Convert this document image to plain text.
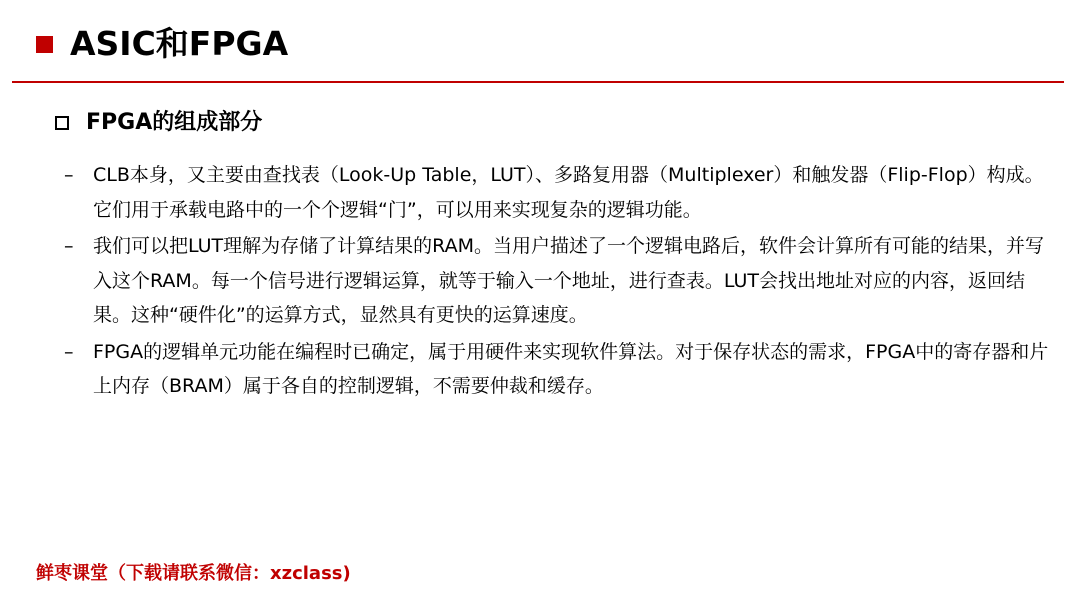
ASIC和FPGA
FPGA的组成部分
– CLB本身，又主要由查找表（Look-Up Table，LUT）、多路复用器（Multiplexer）和触发器（Flip-Flop）构成。它们用于承载电路中的一个个逻辑“门”，可以用来实现复杂的逻辑功能。
– 我们可以把LUT理解为存储了计算结果的RAM。当用户描述了一个逻辑电路后，软件会计算所有可能的结果，并写入这个RAM。每一个信号进行逻辑运算，就等于输入一个地址，进行查表。LUT会找出地址对应的内容，返回结果。这种“硬件化”的运算方式，显然具有更快的运算速度。
– FPGA的逻辑单元功能在编程时已确定，属于用硬件来实现软件算法。对于保存状态的需求，FPGA中的寄存器和片上内存（BRAM）属于各自的控制逻辑，不需要仲裁和缓存。
鲜枣课堂（下载请联系微信：xzclass)
